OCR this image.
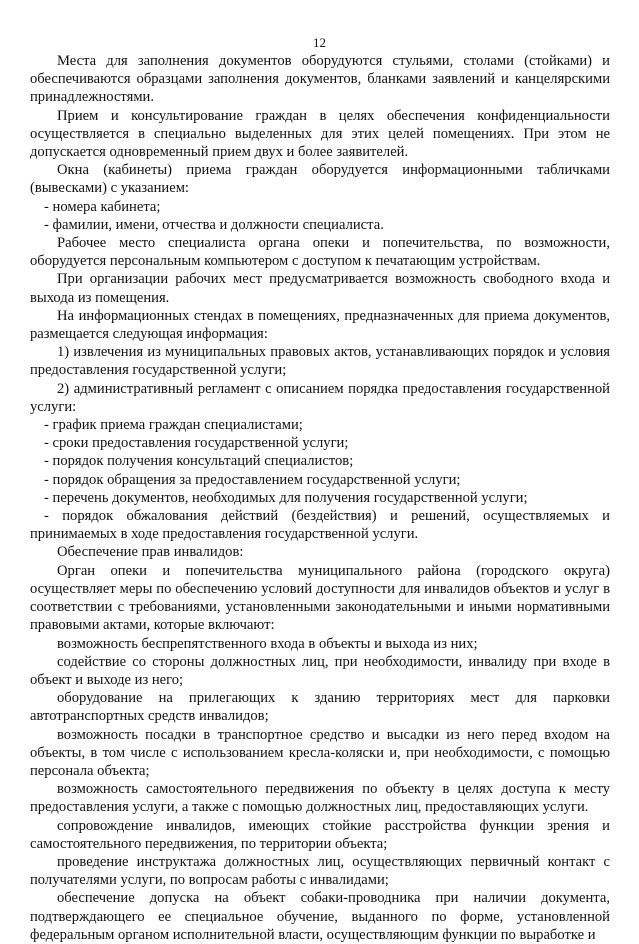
12

Места для заполнения документов оборудуются стульями, столами (стойками) и обеспечиваются образцами заполнения документов, бланками заявлений и канцелярскими принадлежностями.

Прием и консультирование граждан в целях обеспечения конфиденциальности осуществляется в специально выделенных для этих целей помещениях. При этом не допускается одновременный прием двух и более заявителей.

Окна (кабинеты) приема граждан оборудуется информационными табличками (вывесками) с указанием:

- номера кабинета;

- фамилии, имени, отчества и должности специалиста.

Рабочее место специалиста органа опеки и попечительства, по возможности, оборудуется персональным компьютером с доступом к печатающим устройствам.

При организации рабочих мест предусматривается возможность свободного входа и выхода из помещения.

На информационных стендах в помещениях, предназначенных для приема документов, размещается следующая информация:

1) извлечения из муниципальных правовых актов, устанавливающих порядок и условия предоставления государственной услуги;

2) административный регламент с описанием порядка предоставления государственной услуги:

- график приема граждан специалистами;

- сроки предоставления государственной услуги;

- порядок получения консультаций специалистов;

- порядок обращения за предоставлением государственной услуги;

- перечень документов, необходимых для получения государственной услуги;

- порядок обжалования действий (бездействия) и решений, осуществляемых и принимаемых в ходе предоставления государственной услуги.

Обеспечение прав инвалидов:

Орган опеки и попечительства муниципального района (городского округа) осуществляет меры по обеспечению условий доступности для инвалидов объектов и услуг в соответствии с требованиями, установленными законодательными и иными нормативными правовыми актами, которые включают:

возможность беспрепятственного входа в объекты и выхода из них;

содействие со стороны должностных лиц, при необходимости, инвалиду при входе в объект и выходе из него;

оборудование на прилегающих к зданию территориях мест для парковки автотранспортных средств инвалидов;

возможность посадки в транспортное средство и высадки из него перед входом на объекты, в том числе с использованием кресла-коляски и, при необходимости, с помощью персонала объекта;

возможность самостоятельного передвижения по объекту в целях доступа к месту предоставления услуги, а также с помощью должностных лиц, предоставляющих услуги.

сопровождение инвалидов, имеющих стойкие расстройства функции зрения и самостоятельного передвижения, по территории объекта;

проведение инструктажа должностных лиц, осуществляющих первичный контакт с получателями услуги, по вопросам работы с инвалидами;

обеспечение допуска на объект собаки-проводника при наличии документа, подтверждающего ее специальное обучение, выданного по форме, установленной федеральным органом исполнительной власти, осуществляющим функции по выработке и
